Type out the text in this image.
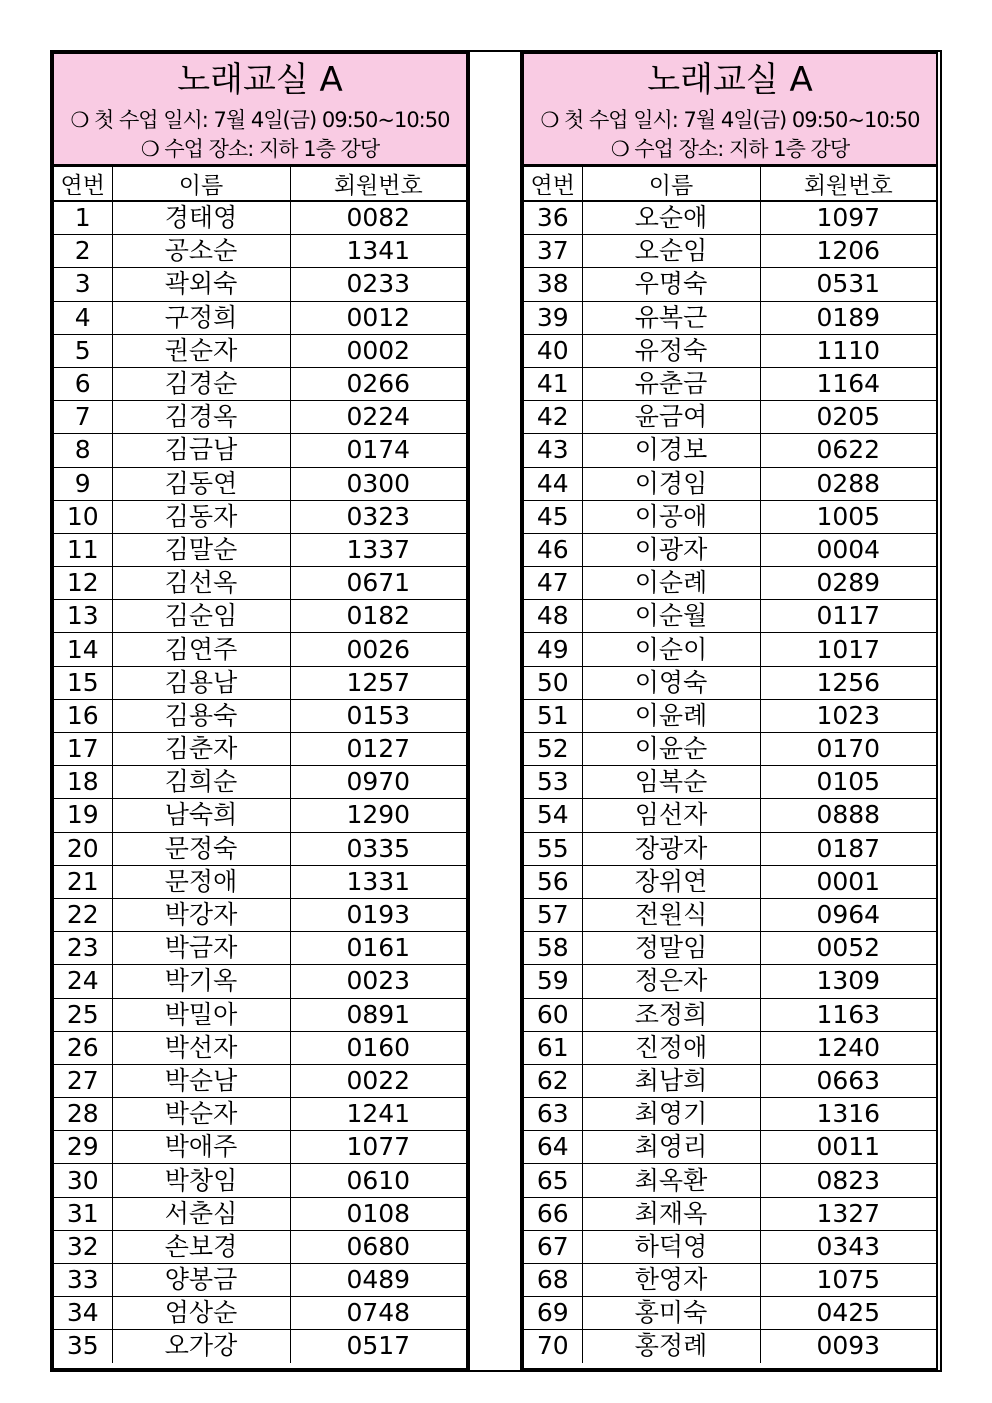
노래교실 A
❍ 첫 수업 일시: 7월 4일(금) 09:50~10:50
❍ 수업 장소: 지하 1층 강당
연번	이름	회원번호
1	경태영	0082
2	공소순	1341
3	곽외숙	0233
4	구정희	0012
5	권순자	0002
6	김경순	0266
7	김경옥	0224
8	김금남	0174
9	김동연	0300
10	김동자	0323
11	김말순	1337
12	김선옥	0671
13	김순임	0182
14	김연주	0026
15	김용남	1257
16	김용숙	0153
17	김춘자	0127
18	김희순	0970
19	남숙희	1290
20	문정숙	0335
21	문정애	1331
22	박강자	0193
23	박금자	0161
24	박기옥	0023
25	박밀아	0891
26	박선자	0160
27	박순남	0022
28	박순자	1241
29	박애주	1077
30	박창임	0610
31	서춘심	0108
32	손보경	0680
33	양봉금	0489
34	엄상순	0748
35	오가강	0517
노래교실 A
❍ 첫 수업 일시: 7월 4일(금) 09:50~10:50
❍ 수업 장소: 지하 1층 강당
연번	이름	회원번호
36	오순애	1097
37	오순임	1206
38	우명숙	0531
39	유복근	0189
40	유정숙	1110
41	유춘금	1164
42	윤금여	0205
43	이경보	0622
44	이경임	0288
45	이공애	1005
46	이광자	0004
47	이순례	0289
48	이순월	0117
49	이순이	1017
50	이영숙	1256
51	이윤례	1023
52	이윤순	0170
53	임복순	0105
54	임선자	0888
55	장광자	0187
56	장위연	0001
57	전원식	0964
58	정말임	0052
59	정은자	1309
60	조정희	1163
61	진정애	1240
62	최남희	0663
63	최영기	1316
64	최영리	0011
65	최옥환	0823
66	최재옥	1327
67	하덕영	0343
68	한영자	1075
69	홍미숙	0425
70	홍정례	0093
